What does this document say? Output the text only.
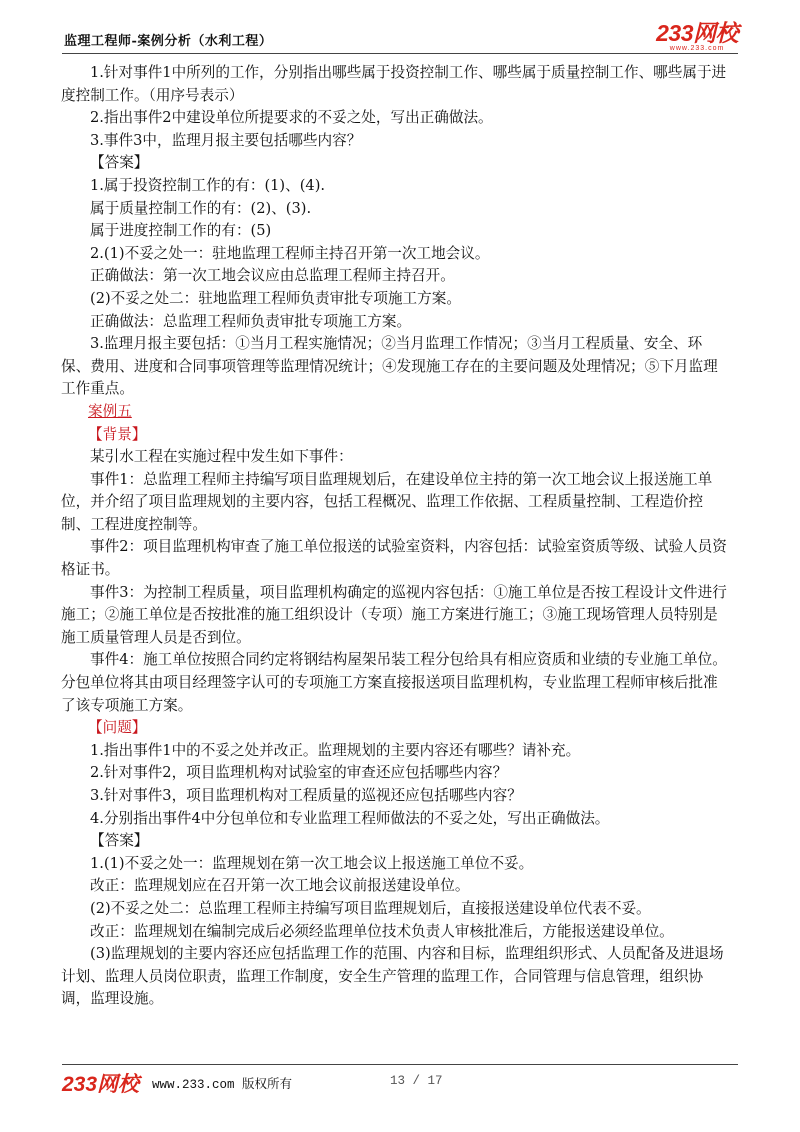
监理工程师-案例分析（水利工程）	233网校
www.233.com

1.针对事件1中所列的工作，分别指出哪些属于投资控制工作、哪些属于质量控制工作、哪些属于进

度控制工作。（用序号表示）

2.指出事件2中建设单位所提要求的不妥之处，写出正确做法。

3.事件3中，监理月报主要包括哪些内容？

【答案】

1.属于投资控制工作的有：(1)、(4).

属于质量控制工作的有：(2)、(3).

属于进度控制工作的有：(5)

2.(1)不妥之处一：驻地监理工程师主持召开第一次工地会议。

正确做法：第一次工地会议应由总监理工程师主持召开。

(2)不妥之处二：驻地监理工程师负责审批专项施工方案。

正确做法：总监理工程师负责审批专项施工方案。

3.监理月报主要包括：①当月工程实施情况；②当月监理工作情况；③当月工程质量、安全、环

保、费用、进度和合同事项管理等监理情况统计；④发现施工存在的主要问题及处理情况；⑤下月监理

工作重点。

案例五

【背景】

某引水工程在实施过程中发生如下事件：

事件1：总监理工程师主持编写项目监理规划后，在建设单位主持的第一次工地会议上报送施工单

位，并介绍了项目监理规划的主要内容，包括工程概况、监理工作依据、工程质量控制、工程造价控

制、工程进度控制等。

事件2：项目监理机构审查了施工单位报送的试验室资料，内容包括：试验室资质等级、试验人员资

格证书。

事件3：为控制工程质量，项目监理机构确定的巡视内容包括：①施工单位是否按工程设计文件进行

施工；②施工单位是否按批准的施工组织设计（专项）施工方案进行施工；③施工现场管理人员特别是

施工质量管理人员是否到位。

事件4：施工单位按照合同约定将钢结构屋架吊装工程分包给具有相应资质和业绩的专业施工单位。

分包单位将其由项目经理签字认可的专项施工方案直接报送项目监理机构，专业监理工程师审核后批准

了该专项施工方案。

【问题】

1.指出事件1中的不妥之处并改正。监理规划的主要内容还有哪些？请补充。

2.针对事件2，项目监理机构对试验室的审查还应包括哪些内容？

3.针对事件3，项目监理机构对工程质量的巡视还应包括哪些内容？

4.分别指出事件4中分包单位和专业监理工程师做法的不妥之处，写出正确做法。

【答案】

1.(1)不妥之处一：监理规划在第一次工地会议上报送施工单位不妥。

改正：监理规划应在召开第一次工地会议前报送建设单位。

(2)不妥之处二：总监理工程师主持编写项目监理规划后，直接报送建设单位代表不妥。

改正：监理规划在编制完成后必须经监理单位技术负责人审核批准后，方能报送建设单位。

(3)监理规划的主要内容还应包括监理工作的范围、内容和目标，监理组织形式、人员配备及进退场

计划、监理人员岗位职责，监理工作制度，安全生产管理的监理工作，合同管理与信息管理，组织协

调，监理设施。

233网校 www.233.com 版权所有	13 / 17
